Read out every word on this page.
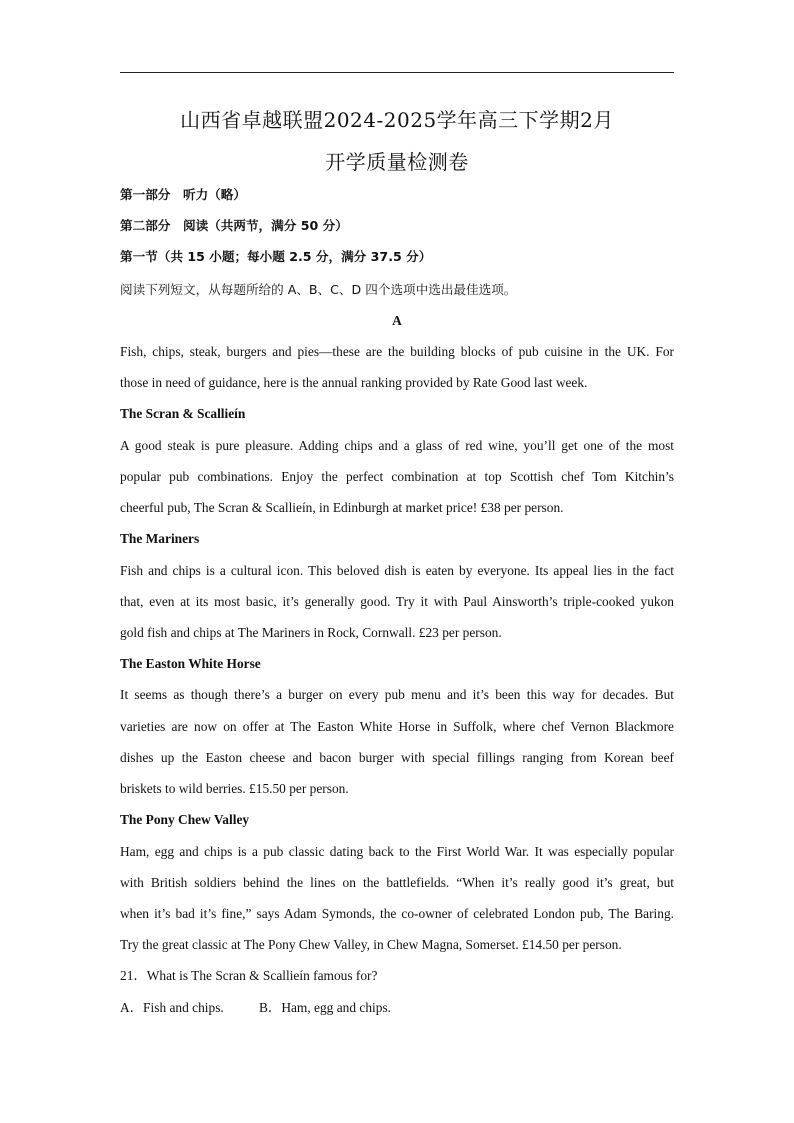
山西省卓越联盟2024-2025学年高三下学期2月
开学质量检测卷
第一部分　听力（略）
第二部分　阅读（共两节，满分 50 分）
第一节（共 15 小题；每小题 2.5 分，满分 37.5 分）
阅读下列短文，从每题所给的 A、B、C、D 四个选项中选出最佳选项。
A
Fish, chips, steak, burgers and pies—these are the building blocks of pub cuisine in the UK. For
those in need of guidance, here is the annual ranking provided by Rate Good last week.
The Scran & Scallieín
A good steak is pure pleasure. Adding chips and a glass of red wine, you’ll get one of the most
popular pub combinations. Enjoy the perfect combination at top Scottish chef Tom Kitchin’s
cheerful pub, The Scran & Scallieín, in Edinburgh at market price! £38 per person.
The Mariners
Fish and chips is a cultural icon. This beloved dish is eaten by everyone. Its appeal lies in the fact
that, even at its most basic, it’s generally good. Try it with Paul Ainsworth’s triple-cooked yukon
gold fish and chips at The Mariners in Rock, Cornwall. £23 per person.
The Easton White Horse
It seems as though there’s a burger on every pub menu and it’s been this way for decades. But
varieties are now on offer at The Easton White Horse in Suffolk, where chef Vernon Blackmore
dishes up the Easton cheese and bacon burger with special fillings ranging from Korean beef
briskets to wild berries. £15.50 per person.
The Pony Chew Valley
Ham, egg and chips is a pub classic dating back to the First World War. It was especially popular
with British soldiers behind the lines on the battlefields. “When it’s really good it’s great, but
when it’s bad it’s fine,” says Adam Symonds, the co-owner of celebrated London pub, The Baring.
Try the great classic at The Pony Chew Valley, in Chew Magna, Somerset. £14.50 per person.
21．What is The Scran & Scallieín famous for?
A．Fish and chips.	B．Ham, egg and chips.
